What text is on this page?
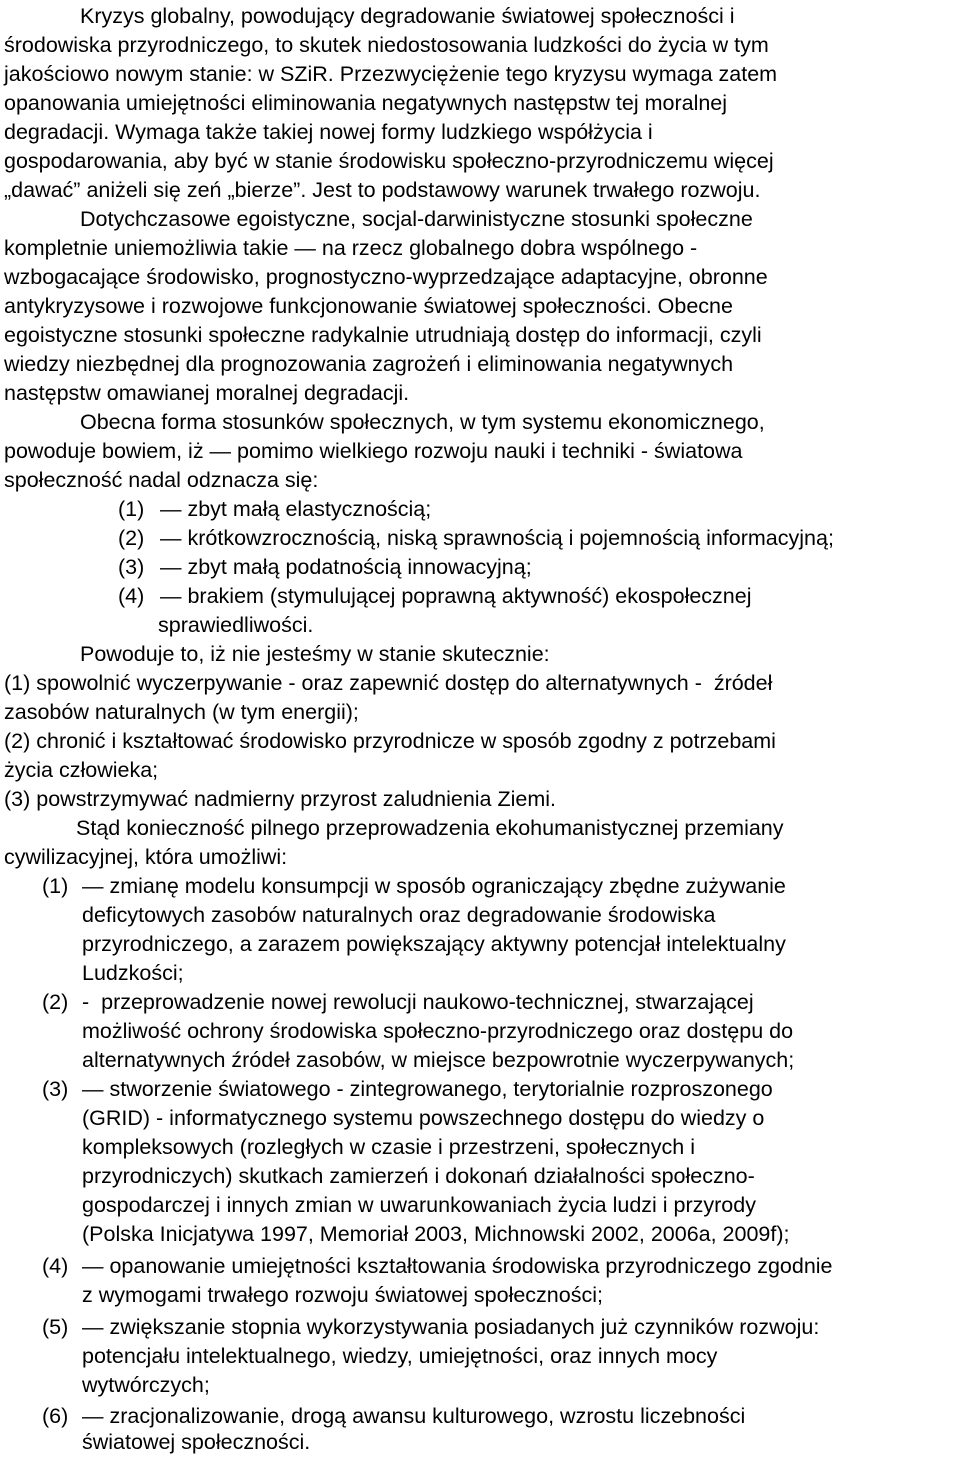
Kryzys globalny, powodujący degradowanie światowej społeczności i
środowiska przyrodniczego, to skutek niedostosowania ludzkości do życia w tym
jakościowo nowym stanie: w SZiR. Przezwyciężenie tego kryzysu wymaga zatem
opanowania umiejętności eliminowania negatywnych następstw tej moralnej
degradacji. Wymaga także takiej nowej formy ludzkiego współżycia i
gospodarowania, aby być w stanie środowisku społeczno-przyrodniczemu więcej
„dawać” aniżeli się zeń „bierze”. Jest to podstawowy warunek trwałego rozwoju.
Dotychczasowe egoistyczne, socjal-darwinistyczne stosunki społeczne
kompletnie uniemożliwia takie — na rzecz globalnego dobra wspólnego -
wzbogacające środowisko, prognostyczno-wyprzedzające adaptacyjne, obronne
antykryzysowe i rozwojowe funkcjonowanie światowej społeczności. Obecne
egoistyczne stosunki społeczne radykalnie utrudniają dostęp do informacji, czyli
wiedzy niezbędnej dla prognozowania zagrożeń i eliminowania negatywnych
następstw omawianej moralnej degradacji.
Obecna forma stosunków społecznych, w tym systemu ekonomicznego,
powoduje bowiem, iż — pomimo wielkiego rozwoju nauki i techniki - światowa
społeczność nadal odznacza się:
(1) — zbyt małą elastycznością;
(2) — krótkowzrocznością, niską sprawnością i pojemnością informacyjną;
(3) — zbyt małą podatnością innowacyjną;
(4) — brakiem (stymulującej poprawną aktywność) ekospołecznej
sprawiedliwości.
Powoduje to, iż nie jesteśmy w stanie skutecznie:
(1) spowolnić wyczerpywanie - oraz zapewnić dostęp do alternatywnych -  źródeł
zasobów naturalnych (w tym energii);
(2) chronić i kształtować środowisko przyrodnicze w sposób zgodny z potrzebami
życia człowieka;
(3) powstrzymywać nadmierny przyrost zaludnienia Ziemi.
Stąd konieczność pilnego przeprowadzenia ekohumanistycznej przemiany
cywilizacyjnej, która umożliwi:
(1) — zmianę modelu konsumpcji w sposób ograniczający zbędne zużywanie
deficytowych zasobów naturalnych oraz degradowanie środowiska
przyrodniczego, a zarazem powiększający aktywny potencjał intelektualny
Ludzkości;
(2) -  przeprowadzenie nowej rewolucji naukowo-technicznej, stwarzającej
możliwość ochrony środowiska społeczno-przyrodniczego oraz dostępu do
alternatywnych źródeł zasobów, w miejsce bezpowrotnie wyczerpywanych;
(3) — stworzenie światowego - zintegrowanego, terytorialnie rozproszonego
(GRID) - informatycznego systemu powszechnego dostępu do wiedzy o
kompleksowych (rozległych w czasie i przestrzeni, społecznych i
przyrodniczych) skutkach zamierzeń i dokonań działalności społeczno-
gospodarczej i innych zmian w uwarunkowaniach życia ludzi i przyrody
(Polska Inicjatywa 1997, Memoriał 2003, Michnowski 2002, 2006a, 2009f);
(4) — opanowanie umiejętności kształtowania środowiska przyrodniczego zgodnie
z wymogami trwałego rozwoju światowej społeczności;
(5) — zwiększanie stopnia wykorzystywania posiadanych już czynników rozwoju:
potencjału intelektualnego, wiedzy, umiejętności, oraz innych mocy
wytwórczych;
(6) — zracjonalizowanie, drogą awansu kulturowego, wzrostu liczebności
światowej społeczności.
